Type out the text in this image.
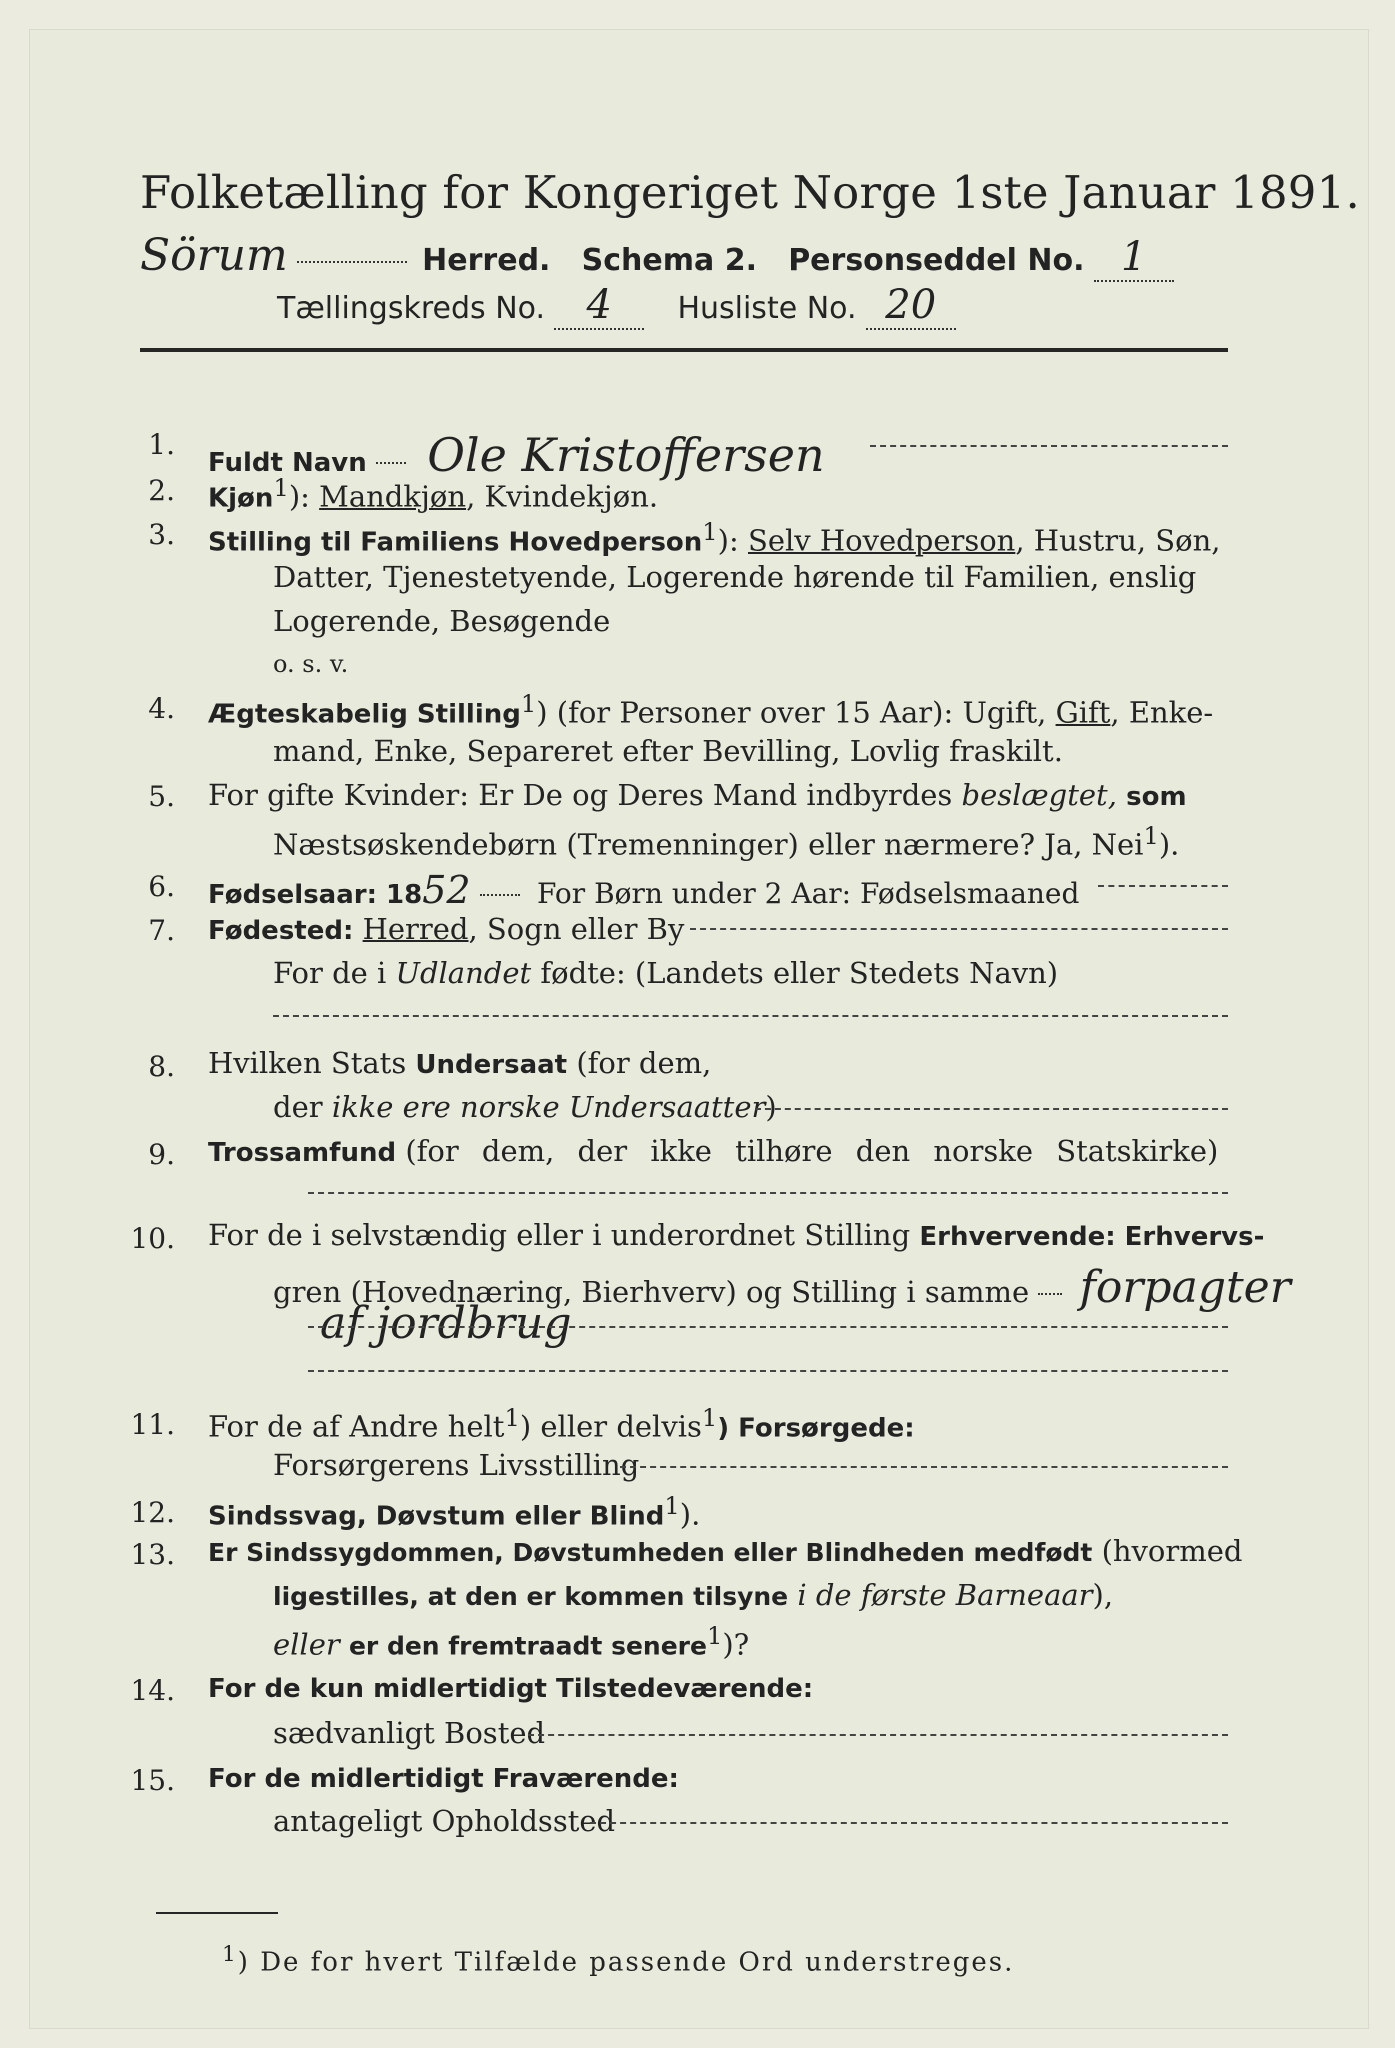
Folketælling for Kongeriget Norge 1ste Januar 1891.
Sörum	Herred. Schema 2. Personseddel No. 1
Tællingskreds No. 4 Husliste No. 20
1.
Fuldt Navn Ole Kristoffersen
2. Kjøn$^1$): Mandkjøn, Kvindekjøn.
3. Stilling til Familiens Hovedperson$^1$): Selv Hovedperson, Hustru, Søn,
Datter, Tjenestetyende, Logerende hørende til Familien, enslig
Logerende, Besøgende
o. s. v.
4. Ægteskabelig Stilling$^1$) (for Personer over 15 Aar): Ugift, Gift, Enke-
mand, Enke, Separeret efter Bevilling, Lovlig fraskilt.
5. For gifte Kvinder: Er De og Deres Mand indbyrdes beslægtet, som
Næstsøskendebørn (Tremenninger) eller nærmere? Ja, Nei$^1$).
6. Fødselsaar: 1852 For Børn under 2 Aar: Fødselsmaaned
7. Fødested: Herred, Sogn eller By
For de i Udlandet fødte: (Landets eller Stedets Navn)
8. Hvilken Stats Undersaat (for dem,
der ikke ere norske Undersaatter)
9. Trossamfund (for dem, der ikke tilhøre den norske Statskirke)
10. For de i selvstændig eller i underordnet Stilling Erhvervende: Erhvervs-
gren (Hovednæring, Bierhverv) og Stilling i samme forpagter
af jordbrug
11. For de af Andre helt$^1$) eller delvis$^1$) Forsørgede:
Forsørgerens Livsstilling
12. Sindssvag, Døvstum eller Blind$^1$).
13. Er Sindssygdommen, Døvstumheden eller Blindheden medfødt (hvormed
ligestilles, at den er kommen tilsyne i de første Barneaar),
eller er den fremtraadt senere$^1$)?
14. For de kun midlertidigt Tilstedeværende:
sædvanligt Bosted
15. For de midlertidigt Fraværende:
antageligt Opholdssted
$^1$) De for hvert Tilfælde passende Ord understreges.
